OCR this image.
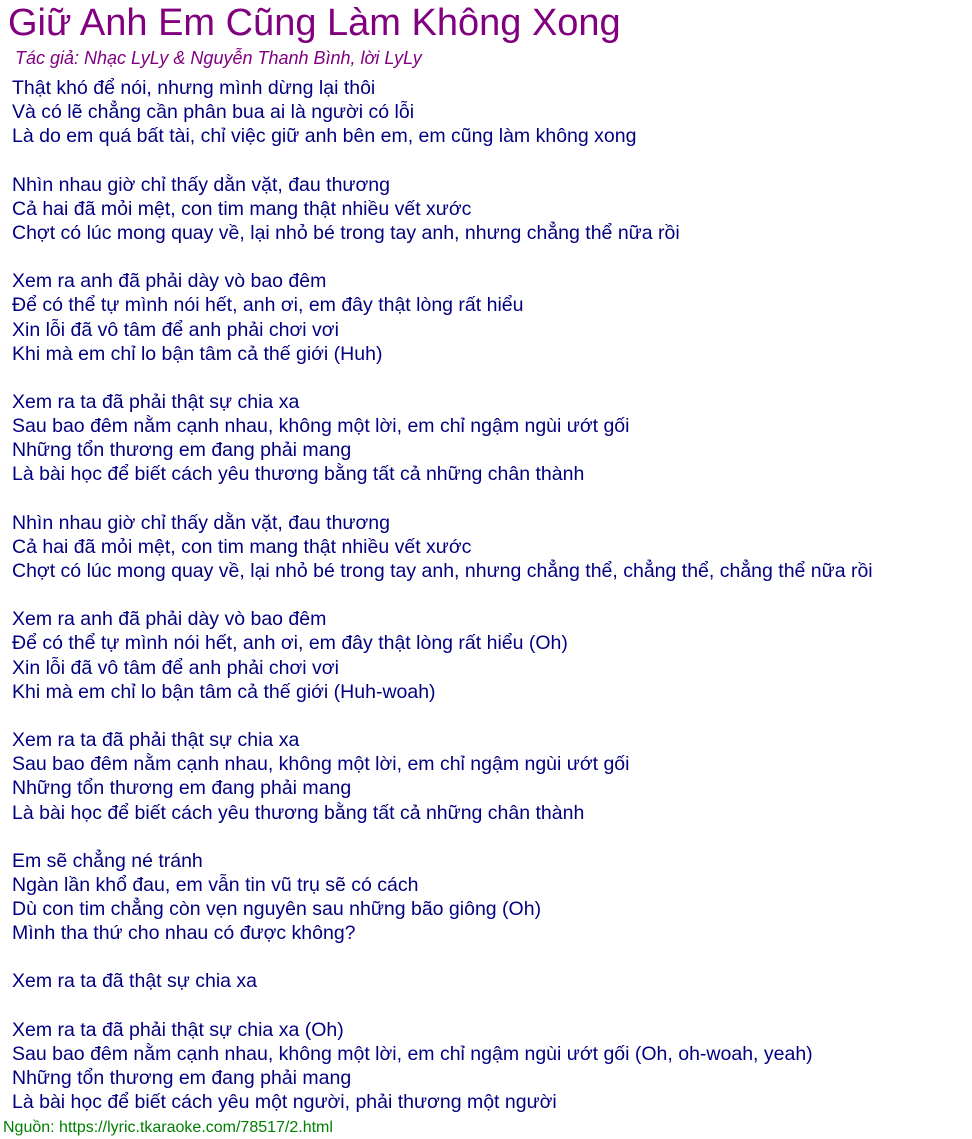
Giữ Anh Em Cũng Làm Không Xong

Tác giả: Nhạc LyLy & Nguyễn Thanh Bình, lời LyLy

Thật khó để nói, nhưng mình dừng lại thôi
Và có lẽ chẳng cần phân bua ai là người có lỗi
Là do em quá bất tài, chỉ việc giữ anh bên em, em cũng làm không xong
Nhìn nhau giờ chỉ thấy dằn vặt, đau thương
Cả hai đã mỏi mệt, con tim mang thật nhiều vết xước
Chợt có lúc mong quay về, lại nhỏ bé trong tay anh, nhưng chẳng thể nữa rồi
Xem ra anh đã phải dày vò bao đêm
Để có thể tự mình nói hết, anh ơi, em đây thật lòng rất hiểu
Xin lỗi đã vô tâm để anh phải chơi vơi
Khi mà em chỉ lo bận tâm cả thế giới (Huh)
Xem ra ta đã phải thật sự chia xa
Sau bao đêm nằm cạnh nhau, không một lời, em chỉ ngậm ngùi ướt gối
Những tổn thương em đang phải mang
Là bài học để biết cách yêu thương bằng tất cả những chân thành
Nhìn nhau giờ chỉ thấy dằn vặt, đau thương
Cả hai đã mỏi mệt, con tim mang thật nhiều vết xước
Chợt có lúc mong quay về, lại nhỏ bé trong tay anh, nhưng chẳng thể, chẳng thể, chẳng thể nữa rồi
Xem ra anh đã phải dày vò bao đêm
Để có thể tự mình nói hết, anh ơi, em đây thật lòng rất hiểu (Oh)
Xin lỗi đã vô tâm để anh phải chơi vơi
Khi mà em chỉ lo bận tâm cả thế giới (Huh-woah)
Xem ra ta đã phải thật sự chia xa
Sau bao đêm nằm cạnh nhau, không một lời, em chỉ ngậm ngùi ướt gối
Những tổn thương em đang phải mang
Là bài học để biết cách yêu thương bằng tất cả những chân thành
Em sẽ chẳng né tránh
Ngàn lần khổ đau, em vẫn tin vũ trụ sẽ có cách
Dù con tim chẳng còn vẹn nguyên sau những bão giông (Oh)
Mình tha thứ cho nhau có được không?
Xem ra ta đã thật sự chia xa
Xem ra ta đã phải thật sự chia xa (Oh)
Sau bao đêm nằm cạnh nhau, không một lời, em chỉ ngậm ngùi ướt gối (Oh, oh-woah, yeah)
Những tổn thương em đang phải mang
Là bài học để biết cách yêu một người, phải thương một người

Nguồn: https://lyric.tkaraoke.com/78517/2.html
